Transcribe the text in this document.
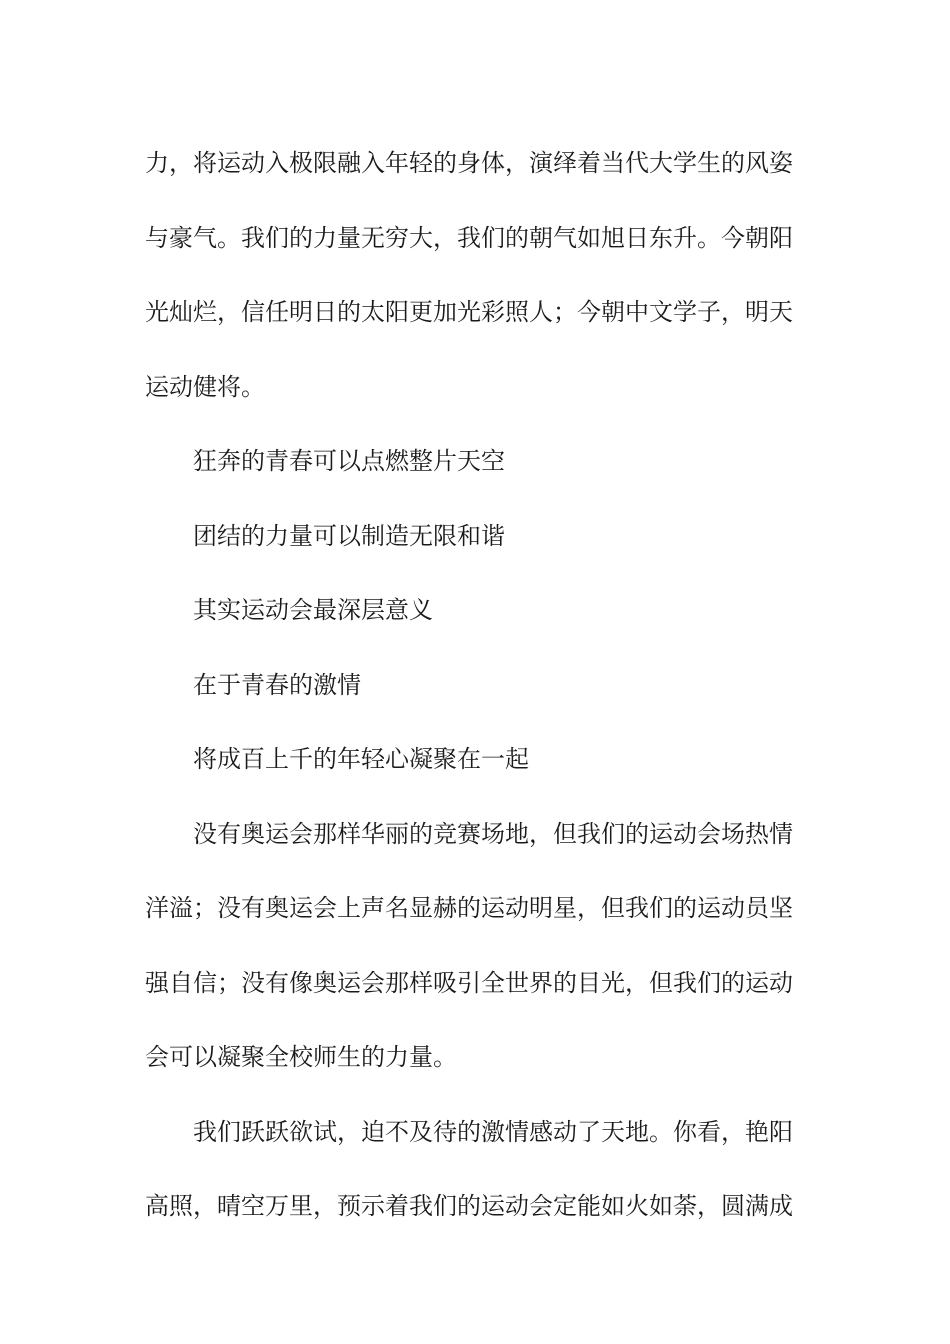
力，将运动入极限融入年轻的身体，演绎着当代大学生的风姿与豪气。我们的力量无穷大，我们的朝气如旭日东升。今朝阳光灿烂，信任明日的太阳更加光彩照人；今朝中文学子，明天运动健将。

狂奔的青春可以点燃整片天空

团结的力量可以制造无限和谐

其实运动会最深层意义

在于青春的激情

将成百上千的年轻心凝聚在一起

没有奥运会那样华丽的竞赛场地，但我们的运动会场热情洋溢；没有奥运会上声名显赫的运动明星，但我们的运动员坚强自信；没有像奥运会那样吸引全世界的目光，但我们的运动会可以凝聚全校师生的力量。

我们跃跃欲试，迫不及待的激情感动了天地。你看，艳阳高照，晴空万里，预示着我们的运动会定能如火如荼，圆满成
